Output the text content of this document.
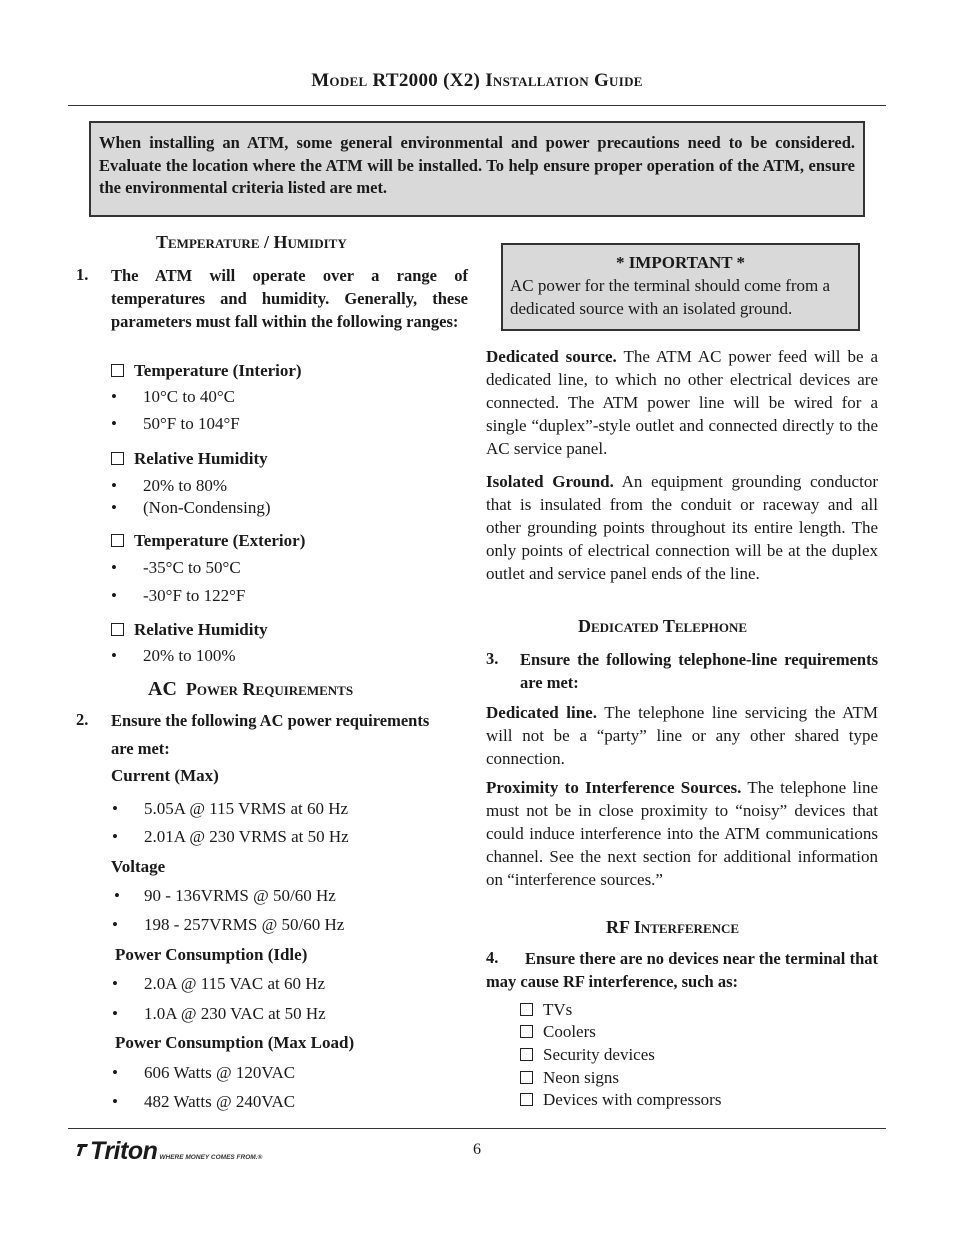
Model RT2000 (X2) Installation Guide
When installing an ATM, some general environmental and power precautions need to be considered. Evaluate the location where the ATM will be installed. To help ensure proper operation of the ATM, ensure the environmental criteria listed are met.
Temperature / Humidity
1. The ATM will operate over a range of temperatures and humidity. Generally, these parameters must fall within the following ranges:
Temperature (Interior)
• 10°C to 40°C
• 50°F to 104°F
Relative Humidity
• 20% to 80%
• (Non-Condensing)
Temperature (Exterior)
• -35°C to 50°C
• -30°F to 122°F
Relative Humidity
• 20% to 100%
AC Power Requirements
2. Ensure the following AC power requirements
are met:
Current (Max)
• 5.05A @ 115 VRMS at 60 Hz
• 2.01A @ 230 VRMS at 50 Hz
Voltage
• 90 - 136VRMS @ 50/60 Hz
• 198 - 257VRMS @ 50/60 Hz
Power Consumption (Idle)
• 2.0A @ 115 VAC at 60 Hz
• 1.0A @ 230 VAC at 50 Hz
Power Consumption (Max Load)
• 606 Watts @ 120VAC
• 482 Watts @ 240VAC
* IMPORTANT *
AC power for the terminal should come from a dedicated source with an isolated ground.
Dedicated source. The ATM AC power feed will be a dedicated line, to which no other electrical devices are connected. The ATM power line will be wired for a single “duplex”-style outlet and connected directly to the AC service panel.
Isolated Ground. An equipment grounding conductor that is insulated from the conduit or raceway and all other grounding points throughout its entire length. The only points of electrical connection will be at the duplex outlet and service panel ends of the line.
Dedicated Telephone
3. Ensure the following telephone-line requirements are met:
Dedicated line. The telephone line servicing the ATM will not be a “party” line or any other shared type connection.
Proximity to Interference Sources. The telephone line must not be in close proximity to “noisy” devices that could induce interference into the ATM communications channel. See the next section for additional information on “interference sources.”
RF Interference
4.	Ensure there are no devices near the terminal that may cause RF interference, such as:
TVs
Coolers
Security devices
Neon signs
Devices with compressors
Triton WHERE MONEY COMES FROM.®	6
